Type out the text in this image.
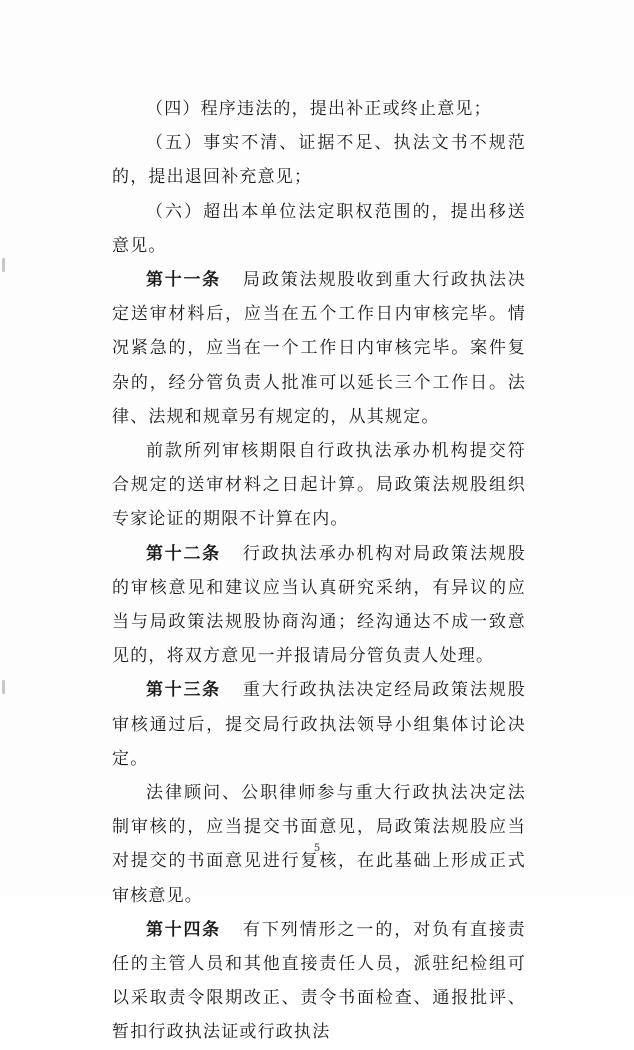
（四）程序违法的，提出补正或终止意见；

（五）事实不清、证据不足、执法文书不规范的，提出退回补充意见；

（六）超出本单位法定职权范围的，提出移送意见。

第十一条 局政策法规股收到重大行政执法决定送审材料后，应当在五个工作日内审核完毕。情况紧急的，应当在一个工作日内审核完毕。案件复杂的，经分管负责人批准可以延长三个工作日。法律、法规和规章另有规定的，从其规定。

前款所列审核期限自行政执法承办机构提交符合规定的送审材料之日起计算。局政策法规股组织专家论证的期限不计算在内。

第十二条 行政执法承办机构对局政策法规股的审核意见和建议应当认真研究采纳，有异议的应当与局政策法规股协商沟通；经沟通达不成一致意见的，将双方意见一并报请局分管负责人处理。

第十三条 重大行政执法决定经局政策法规股审核通过后，提交局行政执法领导小组集体讨论决定。

法律顾问、公职律师参与重大行政执法决定法制审核的，应当提交书面意见，局政策法规股应当对提交的书面意见进行复核，在此基础上形成正式审核意见。

第十四条 有下列情形之一的，对负有直接责任的主管人员和其他直接责任人员，派驻纪检组可以采取责令限期改正、责令书面检查、通报批评、暂扣行政执法证或行政执法

5
